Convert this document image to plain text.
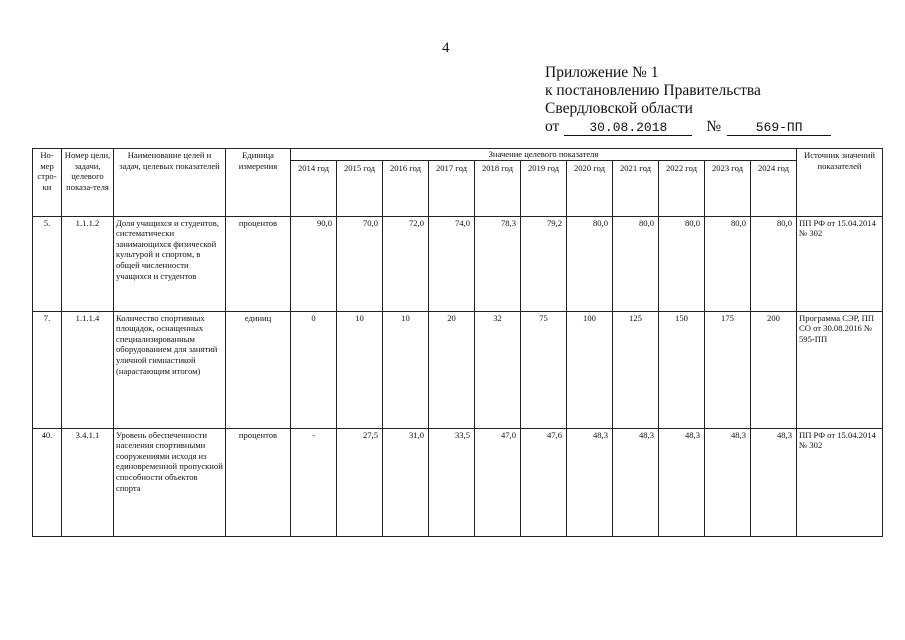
4
Приложение № 1
к постановлению Правительства
Свердловской области
от 30.08.2018	№	569-ПП
Но-мер стро-ки	Номер цели, задачи, целевого показа-теля	Наименование целей и задач, целевых показателей	Единица измерения	Значение целевого показателя											Источник значений показателей
				2014 год	2015 год	2016 год	2017 год	2018 год	2019 год	2020 год	2021 год	2022 год	2023 год	2024 год	
5.	1.1.1.2	Доля учащихся и студентов, систематически занимающихся физической культурой и спортом, в общей численности учащихся и студентов	процентов	90,0	70,0	72,0	74,0	78,3	79,2	80,0	80,0	80,0	80,0	80,0	ПП РФ от 15.04.2014 № 302
7.	1.1.1.4	Количество спортивных площадок, оснащенных специализированным оборудованием для занятий уличной гимнастикой (нарастающим итогом)	единиц	0	10	10	20	32	75	100	125	150	175	200	Программа СЭР, ПП СО от 30.08.2016 № 595-ПП
40.	3.4.1.1	Уровень обеспеченности населения спортивными сооружениями исходя из единовременной пропускной способности объектов спорта	процентов	-	27,5	31,0	33,5	47,0	47,6	48,3	48,3	48,3	48,3	48,3	ПП РФ от 15.04.2014 № 302
